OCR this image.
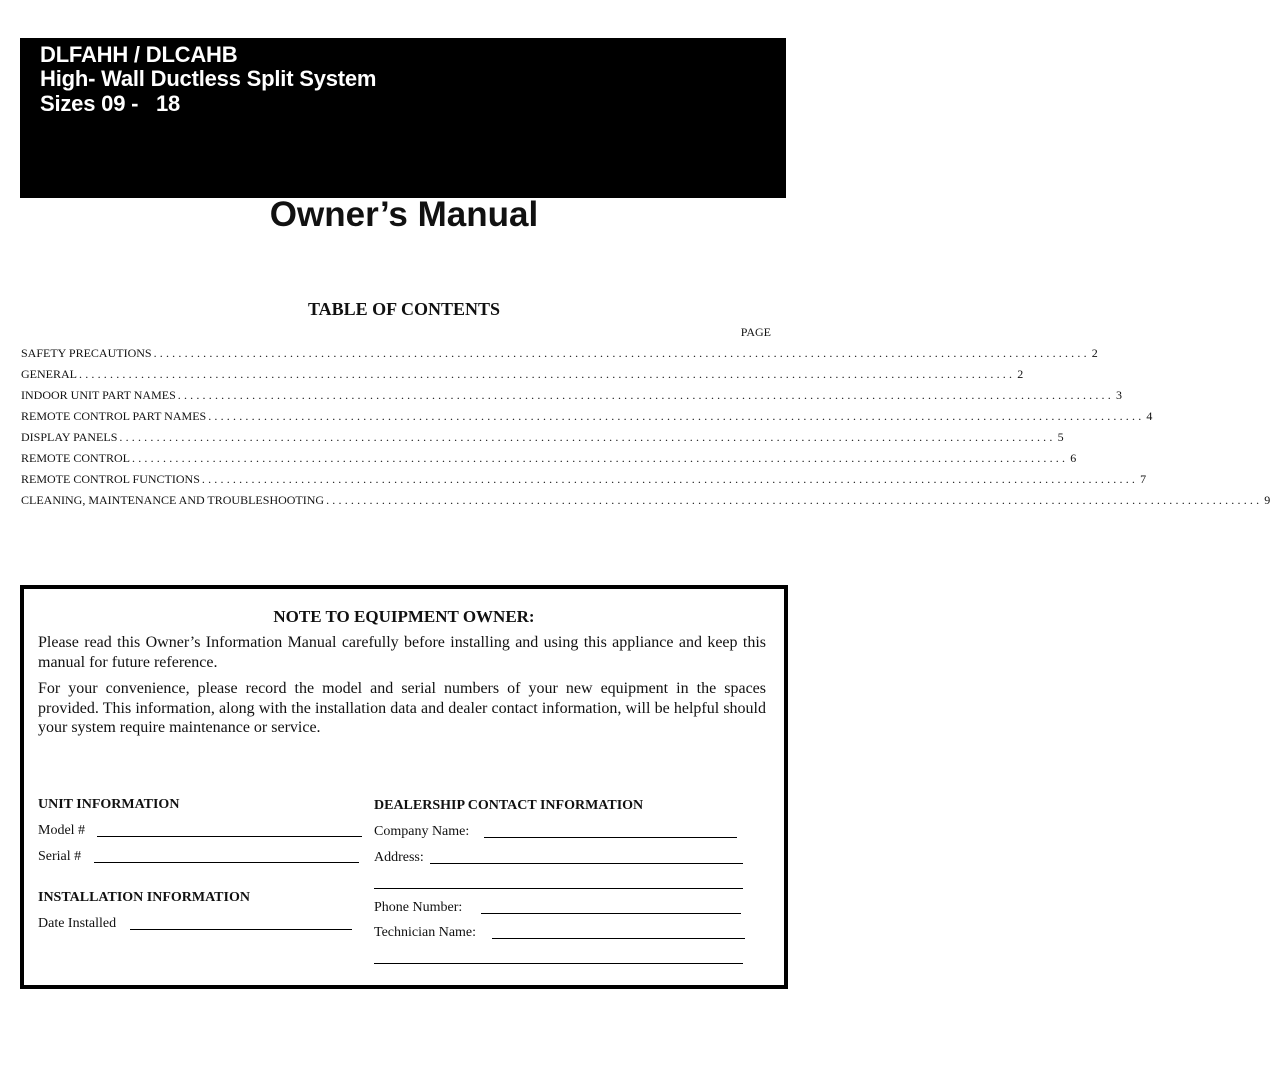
DLFAHH / DLCAHB
High- Wall Ductless Split System
Sizes 09 -   18
Owner’s Manual
TABLE OF CONTENTS
PAGE
SAFETY PRECAUTIONS ....................................................................................................................................................... 2
GENERAL ....................................................................................................................................................... 2
INDOOR UNIT PART NAMES ....................................................................................................................................................... 3
REMOTE CONTROL PART NAMES ....................................................................................................................................................... 4
DISPLAY PANELS ....................................................................................................................................................... 5
REMOTE CONTROL ....................................................................................................................................................... 6
REMOTE CONTROL FUNCTIONS ....................................................................................................................................................... 7
CLEANING, MAINTENANCE AND TROUBLESHOOTING ....................................................................................................................................................... 9
NOTE TO EQUIPMENT OWNER:
Please read this Owner’s Information Manual carefully before installing and using this appliance and keep this manual for future reference.
For your convenience, please record the model and serial numbers of your new equipment in the spaces provided. This information, along with the installation data and dealer contact information, will be helpful should your system require maintenance or service.
UNIT INFORMATION
Model #
Serial #
INSTALLATION INFORMATION
Date Installed
DEALERSHIP CONTACT INFORMATION
Company Name:
Address:
Phone Number:
Technician Name:
